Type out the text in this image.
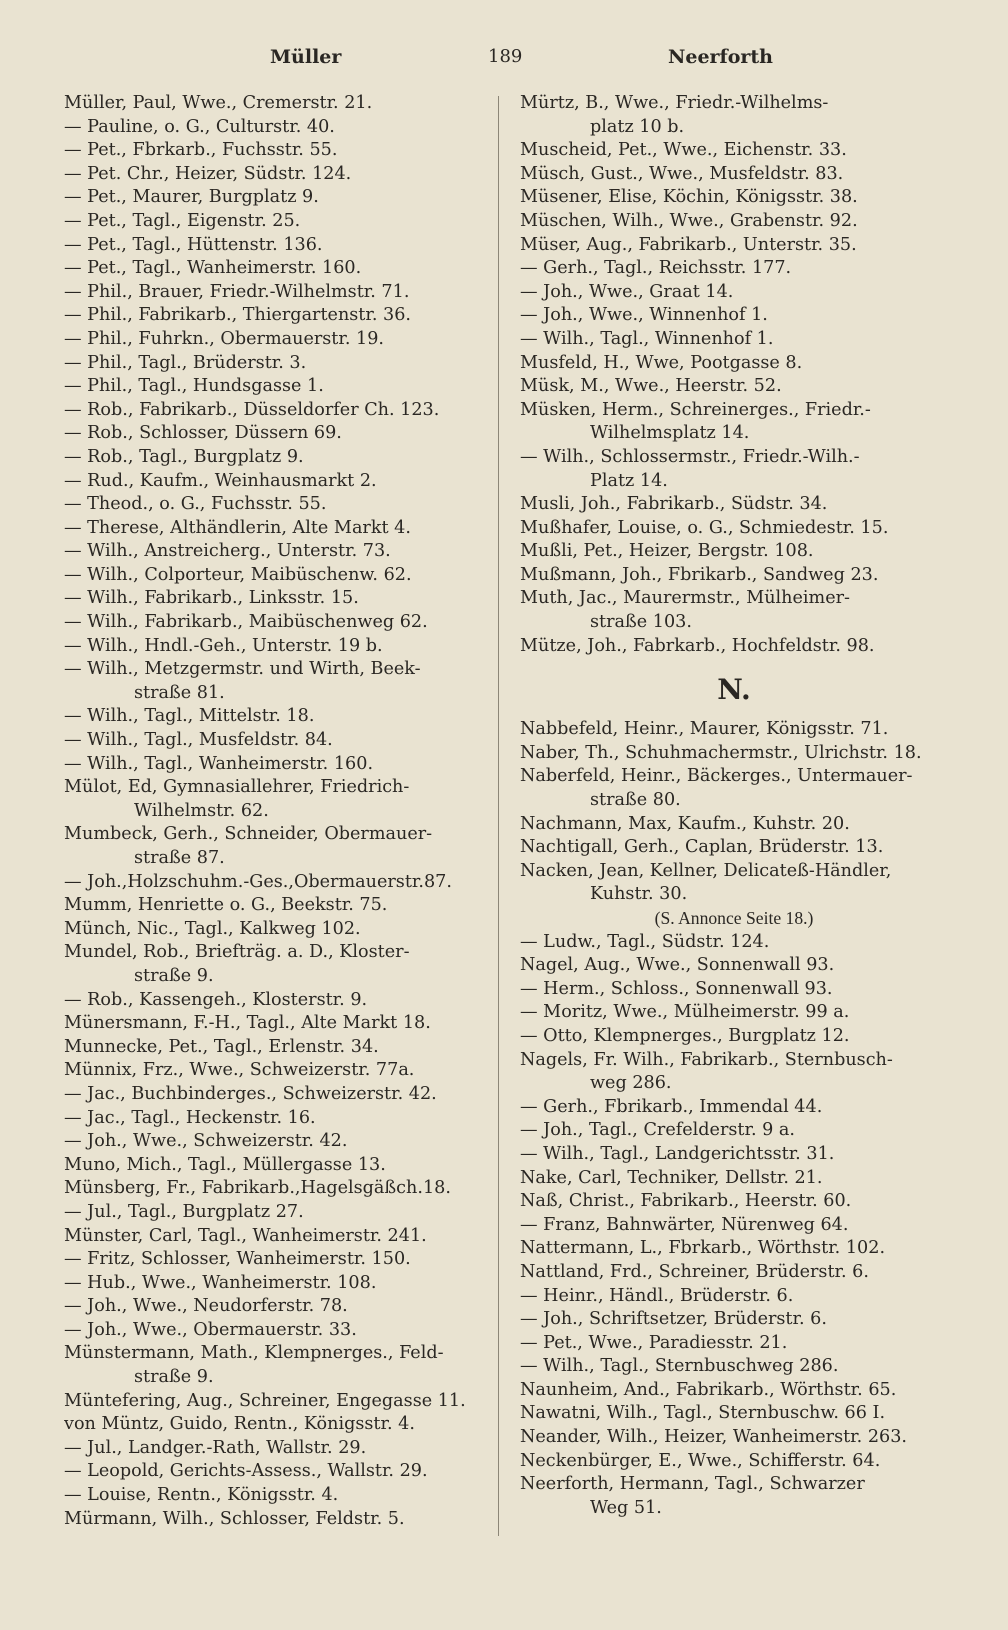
Müller	189	Neerforth

Müller, Paul, Wwe., Cremerstr. 21.

— Pauline, o. G., Culturstr. 40.

— Pet., Fbrkarb., Fuchsstr. 55.

— Pet. Chr., Heizer, Südstr. 124.

— Pet., Maurer, Burgplatz 9.

— Pet., Tagl., Eigenstr. 25.

— Pet., Tagl., Hüttenstr. 136.

— Pet., Tagl., Wanheimerstr. 160.

— Phil., Brauer, Friedr.-Wilhelmstr. 71.

— Phil., Fabrikarb., Thiergartenstr. 36.

— Phil., Fuhrkn., Obermauerstr. 19.

— Phil., Tagl., Brüderstr. 3.

— Phil., Tagl., Hundsgasse 1.

— Rob., Fabrikarb., Düsseldorfer Ch. 123.

— Rob., Schlosser, Düssern 69.

— Rob., Tagl., Burgplatz 9.

— Rud., Kaufm., Weinhausmarkt 2.

— Theod., o. G., Fuchsstr. 55.

— Therese, Althändlerin, Alte Markt 4.

— Wilh., Anstreicherg., Unterstr. 73.

— Wilh., Colporteur, Maibüschenw. 62.

— Wilh., Fabrikarb., Linksstr. 15.

— Wilh., Fabrikarb., Maibüschenweg 62.

— Wilh., Hndl.-Geh., Unterstr. 19 b.

— Wilh., Metzgermstr. und Wirth, Beek-

straße 81.

— Wilh., Tagl., Mittelstr. 18.

— Wilh., Tagl., Musfeldstr. 84.

— Wilh., Tagl., Wanheimerstr. 160.

Mülot, Ed, Gymnasiallehrer, Friedrich-

Wilhelmstr. 62.

Mumbeck, Gerh., Schneider, Obermauer-

straße 87.

— Joh.,Holzschuhm.-Ges.,Obermauerstr.87.

Mumm, Henriette o. G., Beekstr. 75.

Münch, Nic., Tagl., Kalkweg 102.

Mundel, Rob., Briefträg. a. D., Kloster-

straße 9.

— Rob., Kassengeh., Klosterstr. 9.

Münersmann, F.-H., Tagl., Alte Markt 18.

Munnecke, Pet., Tagl., Erlenstr. 34.

Münnix, Frz., Wwe., Schweizerstr. 77a.

— Jac., Buchbinderges., Schweizerstr. 42.

— Jac., Tagl., Heckenstr. 16.

— Joh., Wwe., Schweizerstr. 42.

Muno, Mich., Tagl., Müllergasse 13.

Münsberg, Fr., Fabrikarb.,Hagelsgäßch.18.

— Jul., Tagl., Burgplatz 27.

Münster, Carl, Tagl., Wanheimerstr. 241.

— Fritz, Schlosser, Wanheimerstr. 150.

— Hub., Wwe., Wanheimerstr. 108.

— Joh., Wwe., Neudorferstr. 78.

— Joh., Wwe., Obermauerstr. 33.

Münstermann, Math., Klempnerges., Feld-

straße 9.

Müntefering, Aug., Schreiner, Engegasse 11.

von Müntz, Guido, Rentn., Königsstr. 4.

— Jul., Landger.-Rath, Wallstr. 29.

— Leopold, Gerichts-Assess., Wallstr. 29.

— Louise, Rentn., Königsstr. 4.

Mürmann, Wilh., Schlosser, Feldstr. 5.

Mürtz, B., Wwe., Friedr.-Wilhelms-

platz 10 b.

Muscheid, Pet., Wwe., Eichenstr. 33.

Müsch, Gust., Wwe., Musfeldstr. 83.

Müsener, Elise, Köchin, Königsstr. 38.

Müschen, Wilh., Wwe., Grabenstr. 92.

Müser, Aug., Fabrikarb., Unterstr. 35.

— Gerh., Tagl., Reichsstr. 177.

— Joh., Wwe., Graat 14.

— Joh., Wwe., Winnenhof 1.

— Wilh., Tagl., Winnenhof 1.

Musfeld, H., Wwe, Pootgasse 8.

Müsk, M., Wwe., Heerstr. 52.

Müsken, Herm., Schreinerges., Friedr.-

Wilhelmsplatz 14.

— Wilh., Schlossermstr., Friedr.-Wilh.-

Platz 14.

Musli, Joh., Fabrikarb., Südstr. 34.

Mußhafer, Louise, o. G., Schmiedestr. 15.

Mußli, Pet., Heizer, Bergstr. 108.

Mußmann, Joh., Fbrikarb., Sandweg 23.

Muth, Jac., Maurermstr., Mülheimer-

straße 103.

Mütze, Joh., Fabrkarb., Hochfeldstr. 98.

N.

Nabbefeld, Heinr., Maurer, Königsstr. 71.

Naber, Th., Schuhmachermstr., Ulrichstr. 18.

Naberfeld, Heinr., Bäckerges., Untermauer-

straße 80.

Nachmann, Max, Kaufm., Kuhstr. 20.

Nachtigall, Gerh., Caplan, Brüderstr. 13.

Nacken, Jean, Kellner, Delicateß-Händler,

Kuhstr. 30.

(S. Annonce Seite 18.)

— Ludw., Tagl., Südstr. 124.

Nagel, Aug., Wwe., Sonnenwall 93.

— Herm., Schloss., Sonnenwall 93.

— Moritz, Wwe., Mülheimerstr. 99 a.

— Otto, Klempnerges., Burgplatz 12.

Nagels, Fr. Wilh., Fabrikarb., Sternbusch-

weg 286.

— Gerh., Fbrikarb., Immendal 44.

— Joh., Tagl., Crefelderstr. 9 a.

— Wilh., Tagl., Landgerichtsstr. 31.

Nake, Carl, Techniker, Dellstr. 21.

Naß, Christ., Fabrikarb., Heerstr. 60.

— Franz, Bahnwärter, Nürenweg 64.

Nattermann, L., Fbrkarb., Wörthstr. 102.

Nattland, Frd., Schreiner, Brüderstr. 6.

— Heinr., Händl., Brüderstr. 6.

— Joh., Schriftsetzer, Brüderstr. 6.

— Pet., Wwe., Paradiesstr. 21.

— Wilh., Tagl., Sternbuschweg 286.

Naunheim, And., Fabrikarb., Wörthstr. 65.

Nawatni, Wilh., Tagl., Sternbuschw. 66 I.

Neander, Wilh., Heizer, Wanheimerstr. 263.

Neckenbürger, E., Wwe., Schifferstr. 64.

Neerforth, Hermann, Tagl., Schwarzer

Weg 51.
